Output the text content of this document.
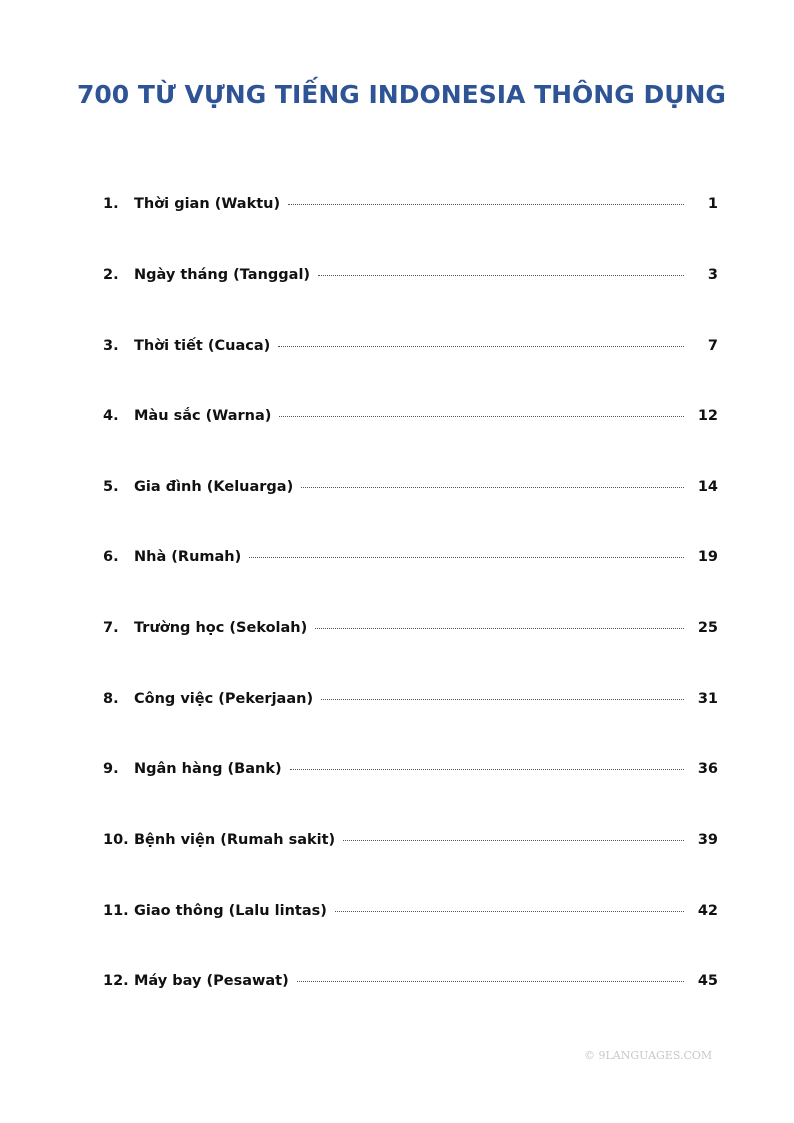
700 TỪ VỰNG TIẾNG INDONESIA THÔNG DỤNG
1.	Thời gian (Waktu)	1
2.	Ngày tháng (Tanggal)	3
3.	Thời tiết (Cuaca)	7
4.	Màu sắc (Warna)	12
5.	Gia đình (Keluarga)	14
6.	Nhà (Rumah)	19
7.	Trường học (Sekolah)	25
8.	Công việc (Pekerjaan)	31
9.	Ngân hàng (Bank)	36
10. Bệnh viện (Rumah sakit)	39
11. Giao thông (Lalu lintas)	42
12. Máy bay (Pesawat)	45
© 9LANGUAGES.COM
